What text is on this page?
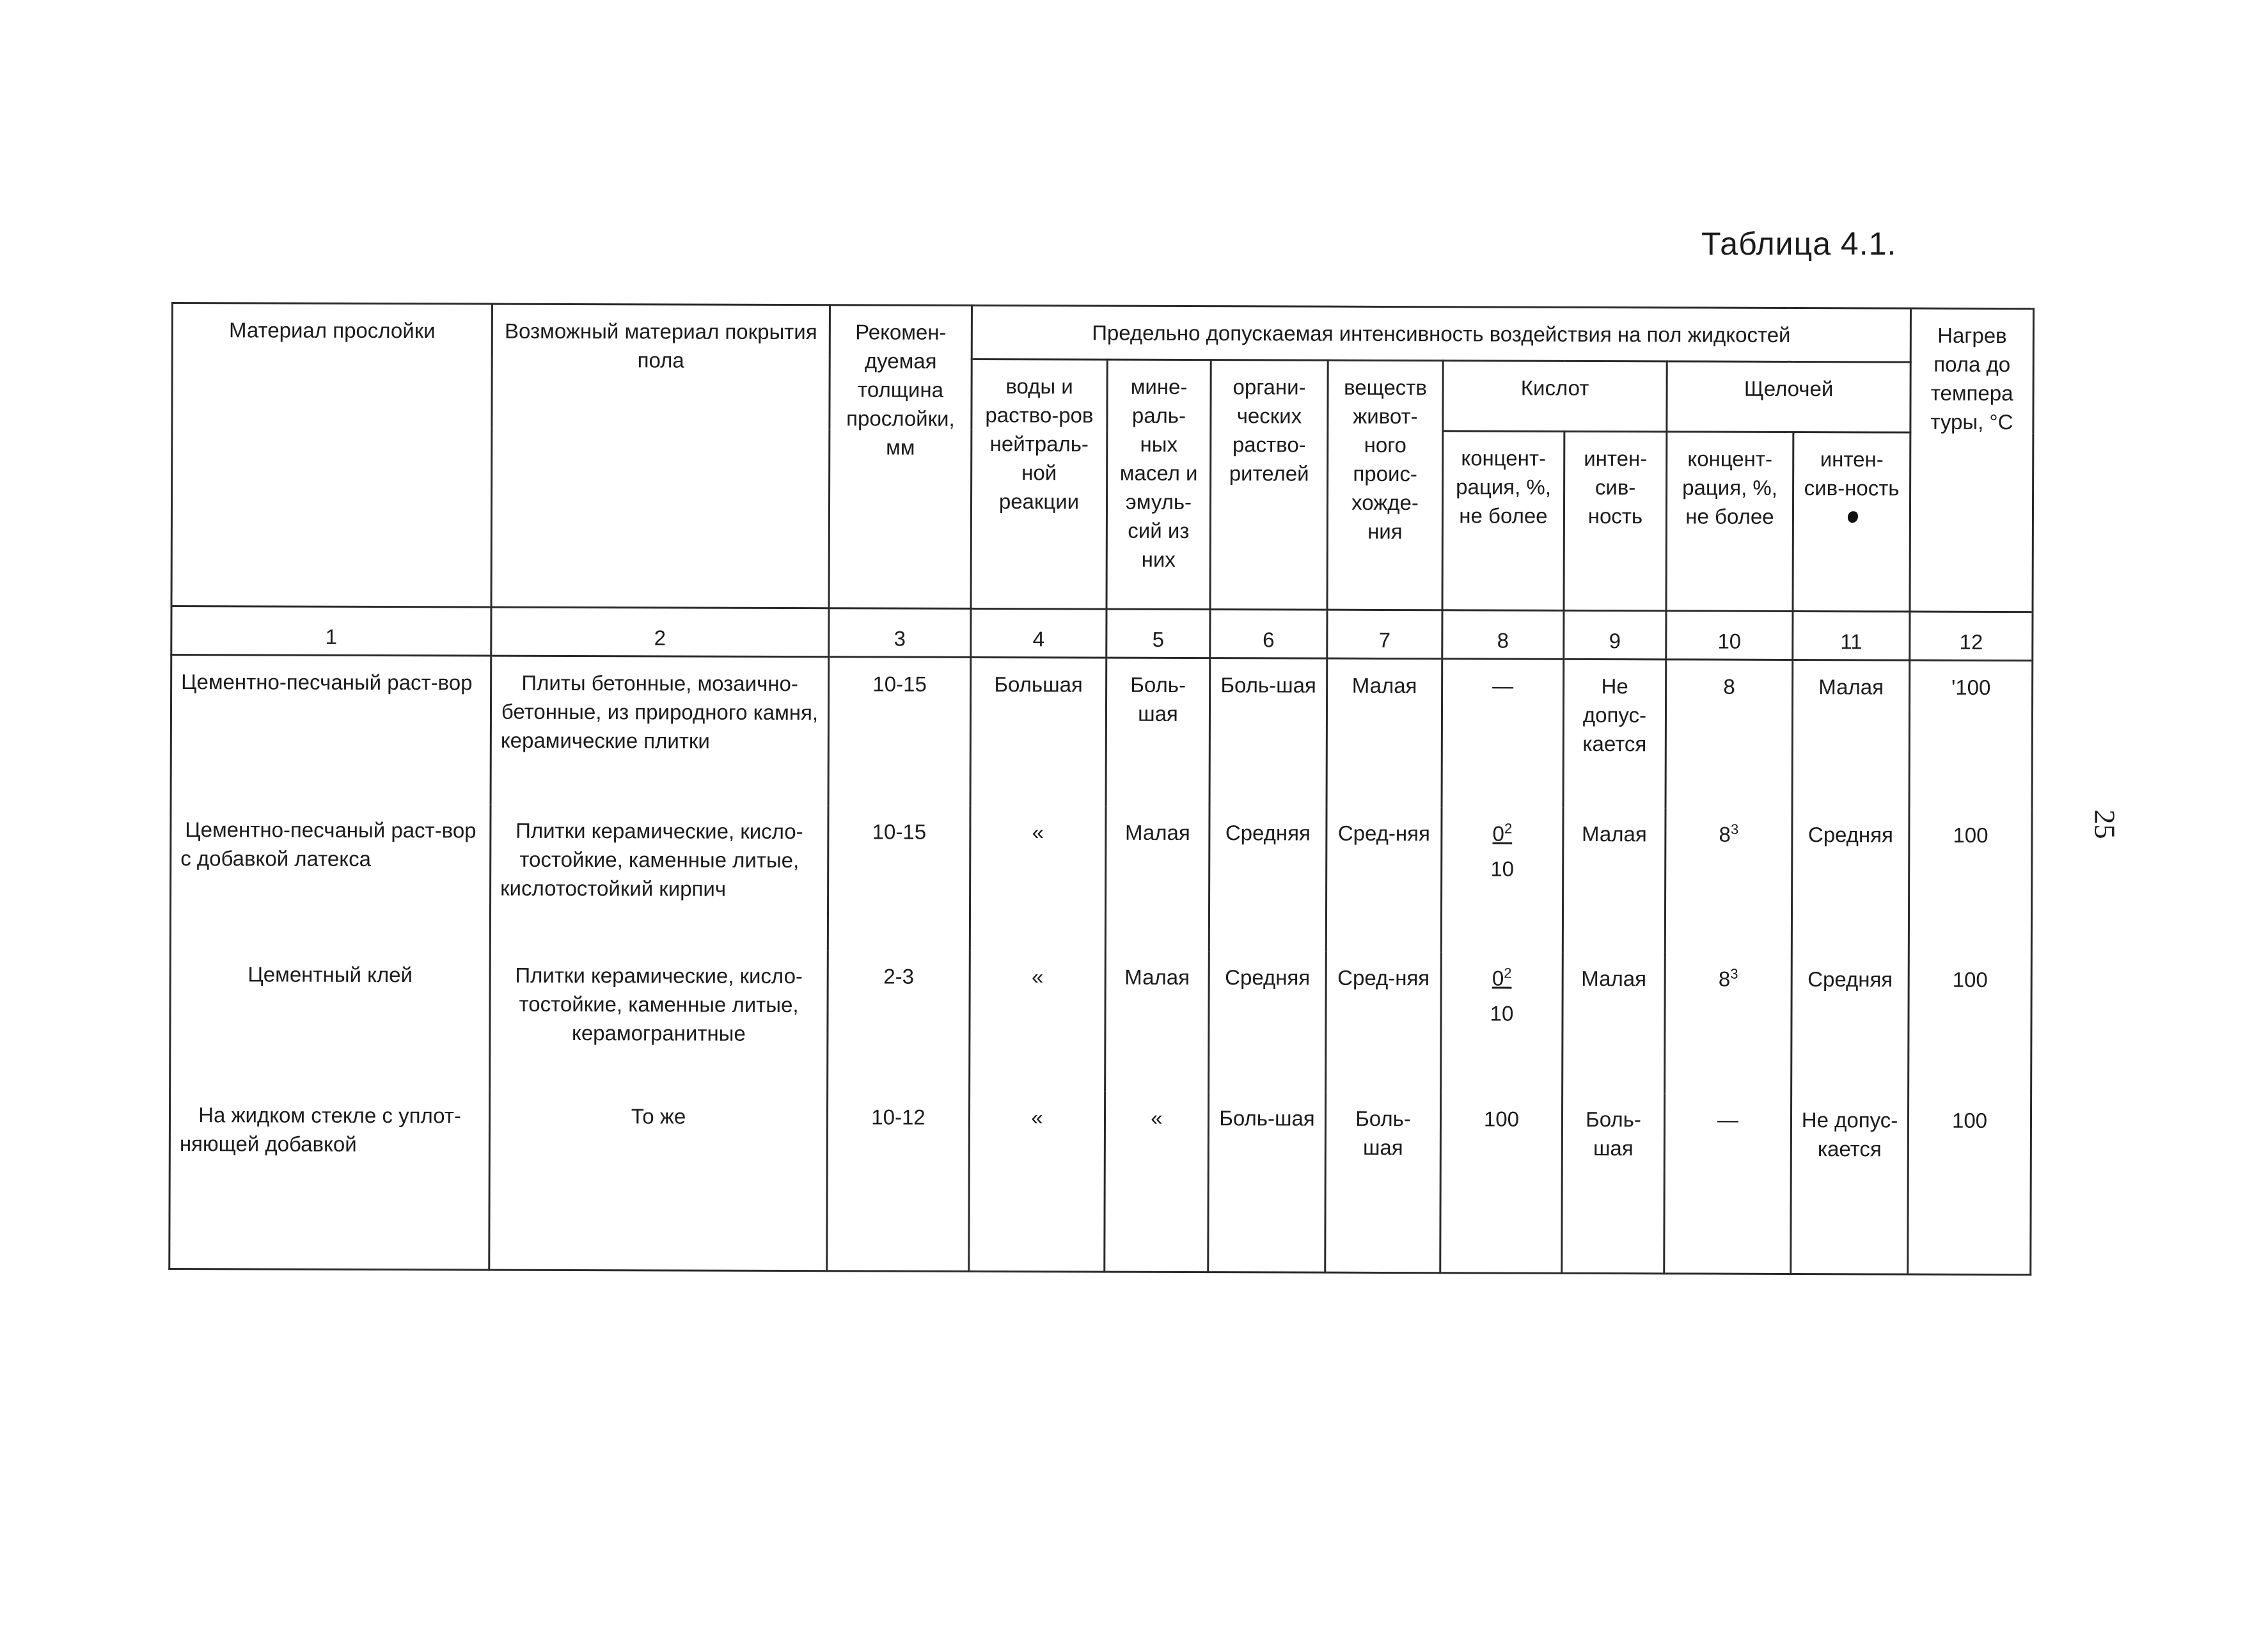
Таблица 4.1.
25
Материал прослойки	Возможный материал покрытия пола	Рекомен-дуемая толщина прослойки, мм	Предельно допускаемая интенсивность воздействия на пол жидкостей								Нагрев пола до темпера туры, °С
			воды и раство-ров нейтраль-ной реакции	мине-раль-ных масел и эмуль-сий из них	органи-ческих раство-рителей	веществ живот-ного проис-хожде-ния	Кислот		Щелочей		
							концент-рация, %, не более	интен-сив-ность	концент-рация, %, не более	интен-сив-ность	
1	2	3	4	5	6	7	8	9	10	11	12
Цементно-песчаный раст-вор	Плиты бетонные, мозаично-бетонные, из природного камня, керамические плитки	10-15	Большая	Боль-шая	Боль-шая	Малая	—	Не допус-кается	8	Малая	'100
Цементно-песчаный раст-вор с добавкой латекса	Плитки керамические, кисло-тостойкие, каменные литые, кислотостойкий кирпич	10-15	«	Малая	Средняя	Сред-няя	$\frac{0^2}{10}$	Малая	$8^3$	Средняя	100
Цементный клей	Плитки керамические, кисло-тостойкие, каменные литые, керамогранитные	2-3	«	Малая	Средняя	Сред-няя	$\frac{0^2}{10}$	Малая	$8^3$	Средняя	100
На жидком стекле с уплот-няющей добавкой	То же	10-12	«	«	Боль-шая	Боль-шая	100	Боль-шая	—	Не допус-кается	100
